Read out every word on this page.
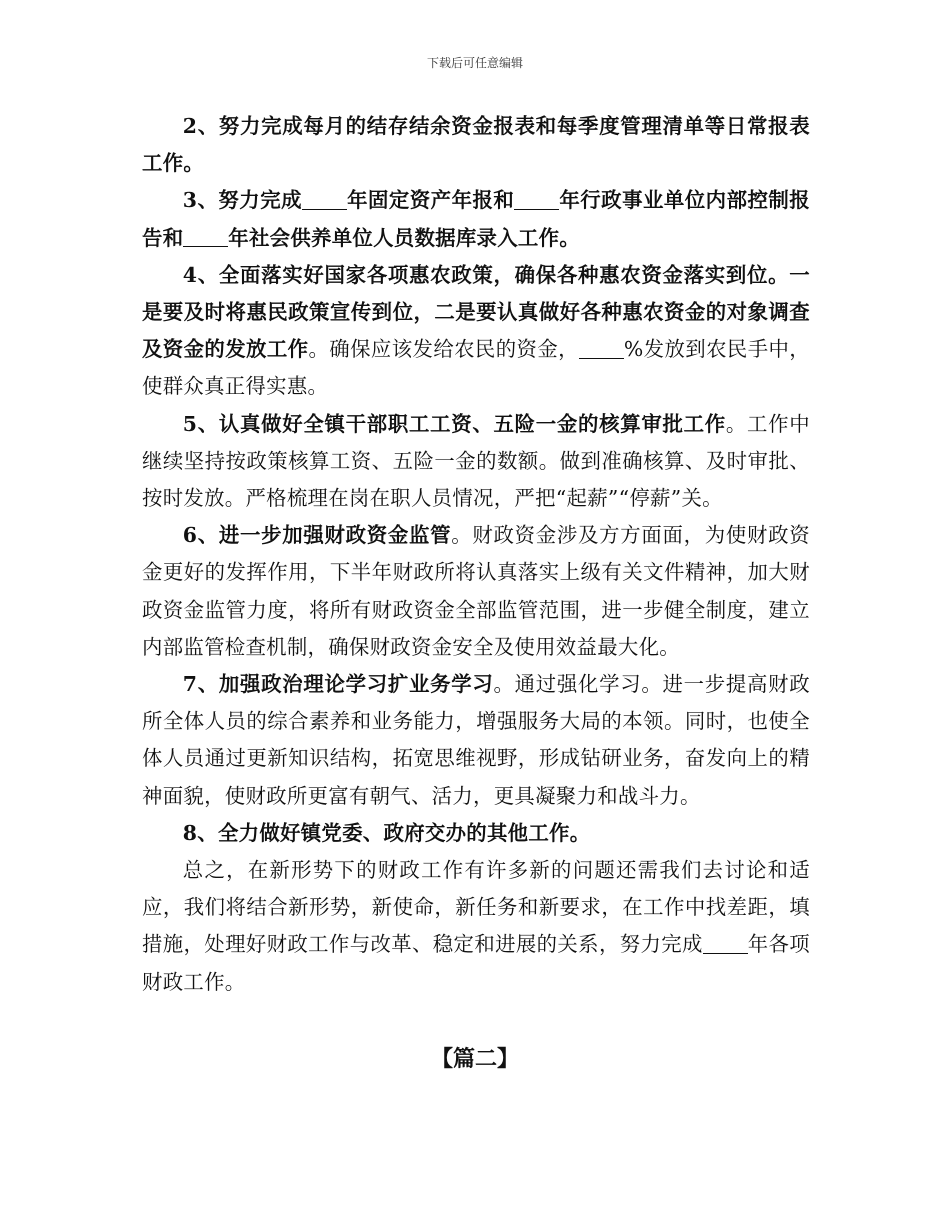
下载后可任意编辑

2、努力完成每月的结存结余资金报表和每季度管理清单等日常报表工作。

3、努力完成 年固定资产年报和 年行政事业单位内部控制报告和 年社会供养单位人员数据库录入工作。

4、全面落实好国家各项惠农政策，确保各种惠农资金落实到位。一是要及时将惠民政策宣传到位，二是要认真做好各种惠农资金的对象调查及资金的发放工作。确保应该发给农民的资金， %发放到农民手中，使群众真正得实惠。

5、认真做好全镇干部职工工资、五险一金的核算审批工作。工作中继续坚持按政策核算工资、五险一金的数额。做到准确核算、及时审批、按时发放。严格梳理在岗在职人员情况，严把“起薪”“停薪”关。

6、进一步加强财政资金监管。财政资金涉及方方面面，为使财政资金更好的发挥作用，下半年财政所将认真落实上级有关文件精神，加大财政资金监管力度，将所有财政资金全部监管范围，进一步健全制度，建立内部监管检查机制，确保财政资金安全及使用效益最大化。

7、加强政治理论学习扩业务学习。通过强化学习。进一步提高财政所全体人员的综合素养和业务能力，增强服务大局的本领。同时，也使全体人员通过更新知识结构，拓宽思维视野，形成钻研业务，奋发向上的精神面貌，使财政所更富有朝气、活力，更具凝聚力和战斗力。

8、全力做好镇党委、政府交办的其他工作。

总之，在新形势下的财政工作有许多新的问题还需我们去讨论和适应，我们将结合新形势，新使命，新任务和新要求，在工作中找差距，填措施，处理好财政工作与改革、稳定和进展的关系，努力完成 年各项财政工作。

【篇二】
